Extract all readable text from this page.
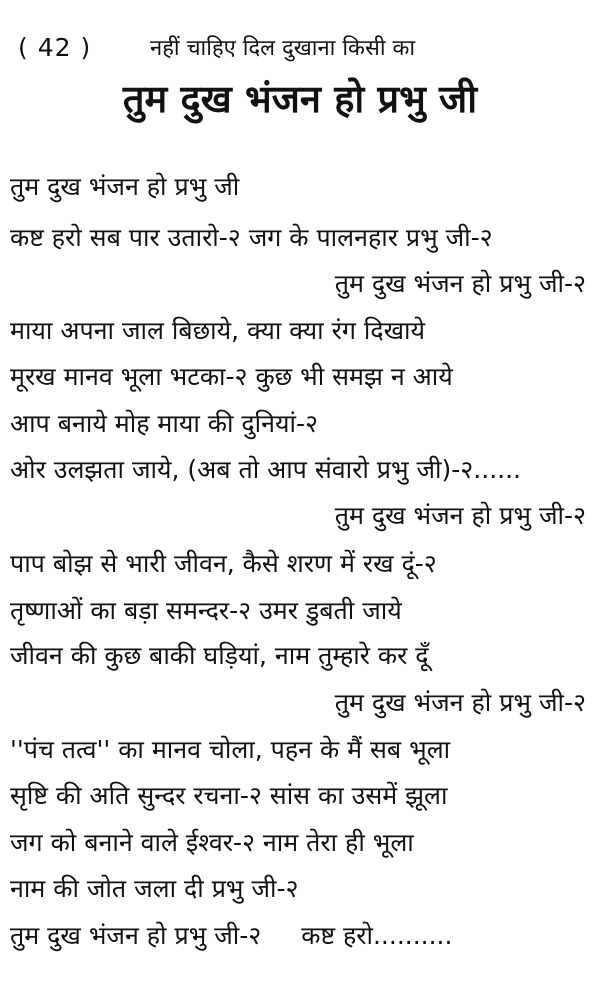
( 42 )	नहीं चाहिए दिल दुखाना किसी का
तुम दुख भंजन हो प्रभु जी
तुम दुख भंजन हो प्रभु जी
कष्ट हरो सब पार उतारो-२ जग के पालनहार प्रभु जी-२
तुम दुख भंजन हो प्रभु जी-२
माया अपना जाल बिछाये, क्या क्या रंग दिखाये
मूरख मानव भूला भटका-२ कुछ भी समझ न आये
आप बनाये मोह माया की दुनियां-२
ओर उलझता जाये, (अब तो आप संवारो प्रभु जी)-२......
तुम दुख भंजन हो प्रभु जी-२
पाप बोझ से भारी जीवन, कैसे शरण में रख दूं-२
तृष्णाओं का बड़ा समन्दर-२ उमर डुबती जाये
जीवन की कुछ बाकी घड़ियां, नाम तुम्हारे कर दूँ
तुम दुख भंजन हो प्रभु जी-२
''पंच तत्व'' का मानव चोला, पहन के मैं सब भूला
सृष्टि की अति सुन्दर रचना-२ सांस का उसमें झूला
जग को बनाने वाले ईश्वर-२ नाम तेरा ही भूला
नाम की जोत जला दी प्रभु जी-२
तुम दुख भंजन हो प्रभु जी-२ कष्ट हरो..........
